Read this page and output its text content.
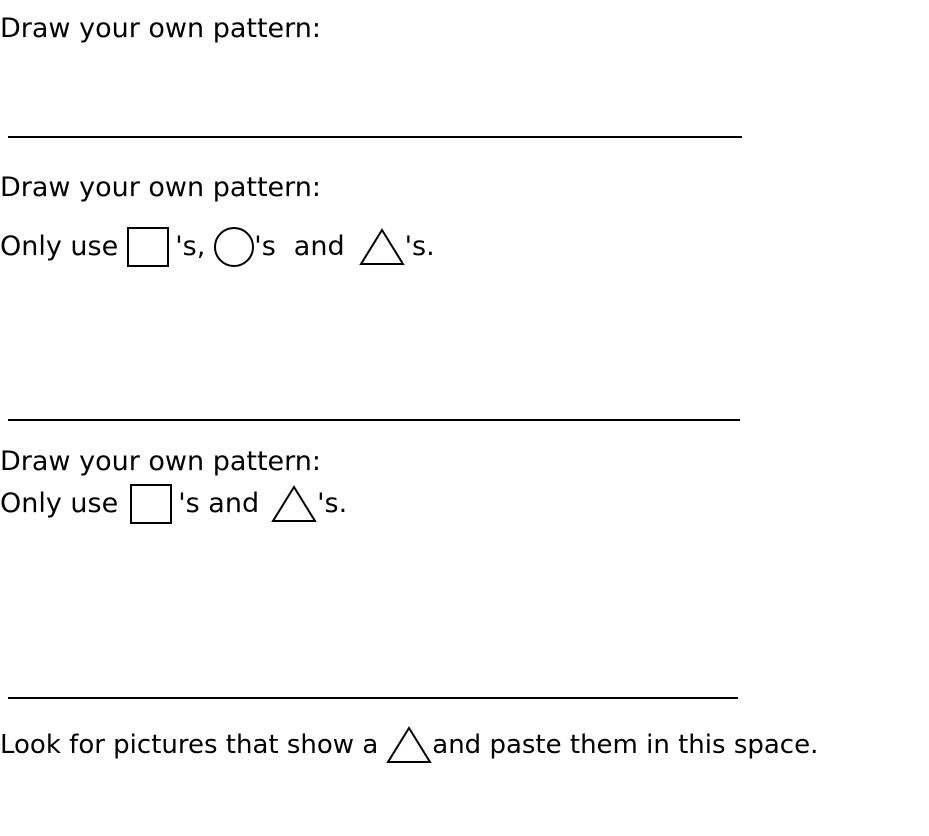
Draw your own pattern:
Draw your own pattern:
Only use 's, 's and 's.
Draw your own pattern:
Only use 's and 's.
Look for pictures that show a and paste them in this space.
